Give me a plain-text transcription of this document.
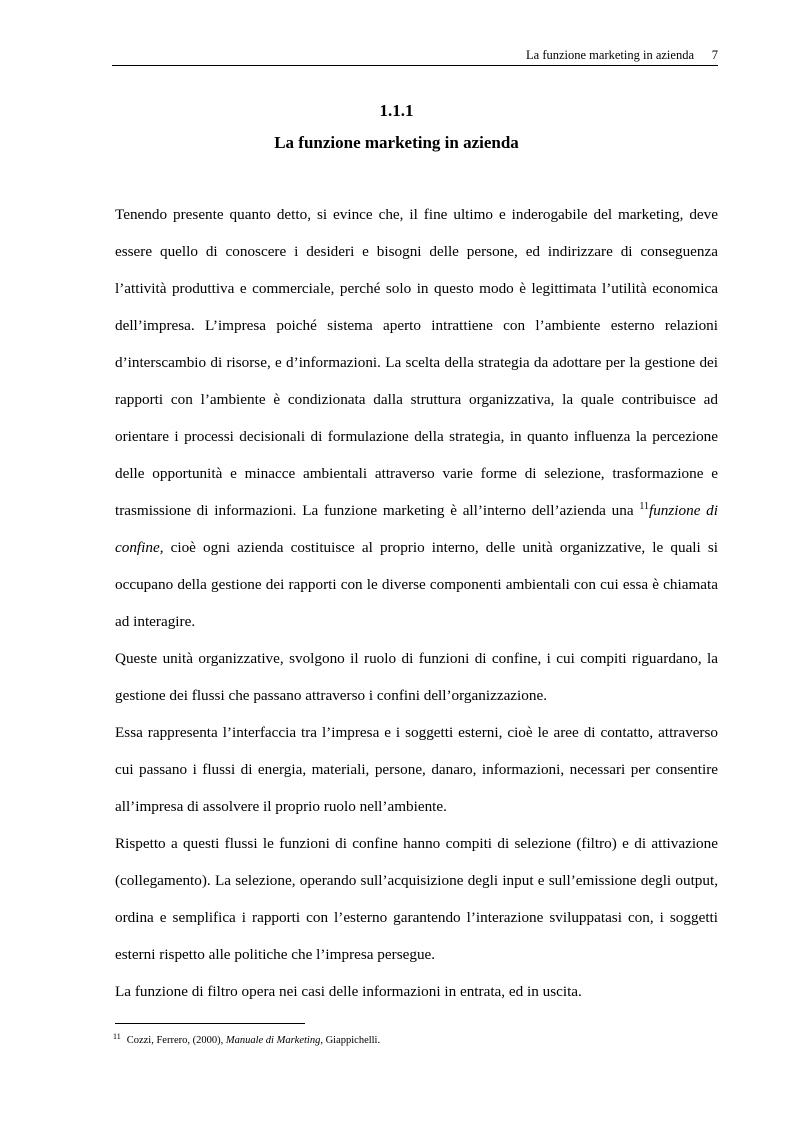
La funzione marketing in azienda 7
1.1.1
La funzione marketing in azienda

Tenendo presente quanto detto, si evince che, il fine ultimo e inderogabile del marketing, deve essere quello di conoscere i desideri e bisogni delle persone, ed indirizzare di conseguenza l’attività produttiva e commerciale, perché solo in questo modo è legittimata l’utilità economica dell’impresa. L’impresa poiché sistema aperto intrattiene con l’ambiente esterno relazioni d’interscambio di risorse, e d’informazioni. La scelta della strategia da adottare per la gestione dei rapporti con l’ambiente è condizionata dalla struttura organizzativa, la quale contribuisce ad orientare i processi decisionali di formulazione della strategia, in quanto influenza la percezione delle opportunità e minacce ambientali attraverso varie forme di selezione, trasformazione e trasmissione di informazioni. La funzione marketing è all’interno dell’azienda una $^{11}$funzione di confine, cioè ogni azienda costituisce al proprio interno, delle unità organizzative, le quali si occupano della gestione dei rapporti con le diverse componenti ambientali con cui essa è chiamata ad interagire.

Queste unità organizzative, svolgono il ruolo di funzioni di confine, i cui compiti riguardano, la gestione dei flussi che passano attraverso i confini dell’organizzazione.

Essa rappresenta l’interfaccia tra l’impresa e i soggetti esterni, cioè le aree di contatto, attraverso cui passano i flussi di energia, materiali, persone, danaro, informazioni, necessari per consentire all’impresa di assolvere il proprio ruolo nell’ambiente.

Rispetto a questi flussi le funzioni di confine hanno compiti di selezione (filtro) e di attivazione (collegamento). La selezione, operando sull’acquisizione degli input e sull’emissione degli output, ordina e semplifica i rapporti con l’esterno garantendo l’interazione sviluppatasi con, i soggetti esterni rispetto alle politiche che l’impresa persegue.

La funzione di filtro opera nei casi delle informazioni in entrata, ed in uscita.

$^{11}$ Cozzi, Ferrero, (2000), Manuale di Marketing, Giappichelli.
